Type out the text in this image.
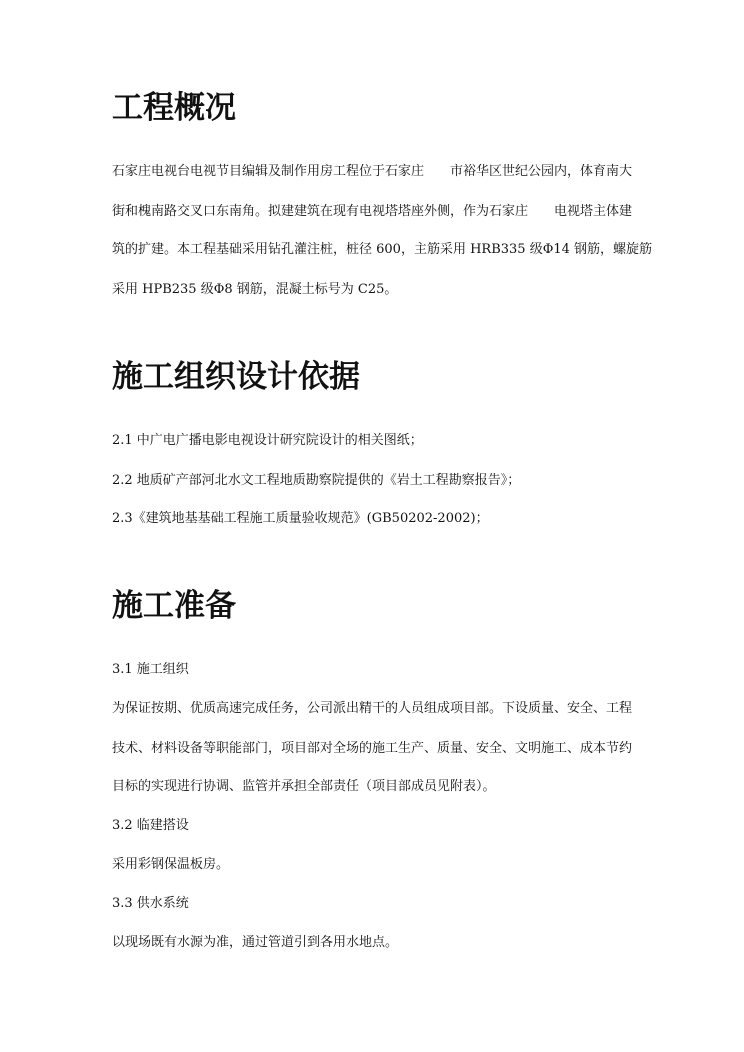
工程概况

石家庄电视台电视节目编辑及制作用房工程位于石家庄 市裕华区世纪公园内，体育南大

街和槐南路交叉口东南角。拟建建筑在现有电视塔塔座外侧，作为石家庄 电视塔主体建

筑的扩建。本工程基础采用钻孔灌注桩，桩径 600，主筋采用 HRB335 级Φ14 钢筋，螺旋筋

采用 HPB235 级Φ8 钢筋，混凝土标号为 C25。

施工组织设计依据

2.1 中广电广播电影电视设计研究院设计的相关图纸；

2.2 地质矿产部河北水文工程地质勘察院提供的《岩土工程勘察报告》；

2.3《建筑地基基础工程施工质量验收规范》(GB50202-2002)；

施工准备

3.1 施工组织

为保证按期、优质高速完成任务，公司派出精干的人员组成项目部。下设质量、安全、工程

技术、材料设备等职能部门，项目部对全场的施工生产、质量、安全、文明施工、成本节约

目标的实现进行协调、监管并承担全部责任（项目部成员见附表）。

3.2 临建搭设

采用彩钢保温板房。

3.3 供水系统

以现场既有水源为准，通过管道引到各用水地点。
